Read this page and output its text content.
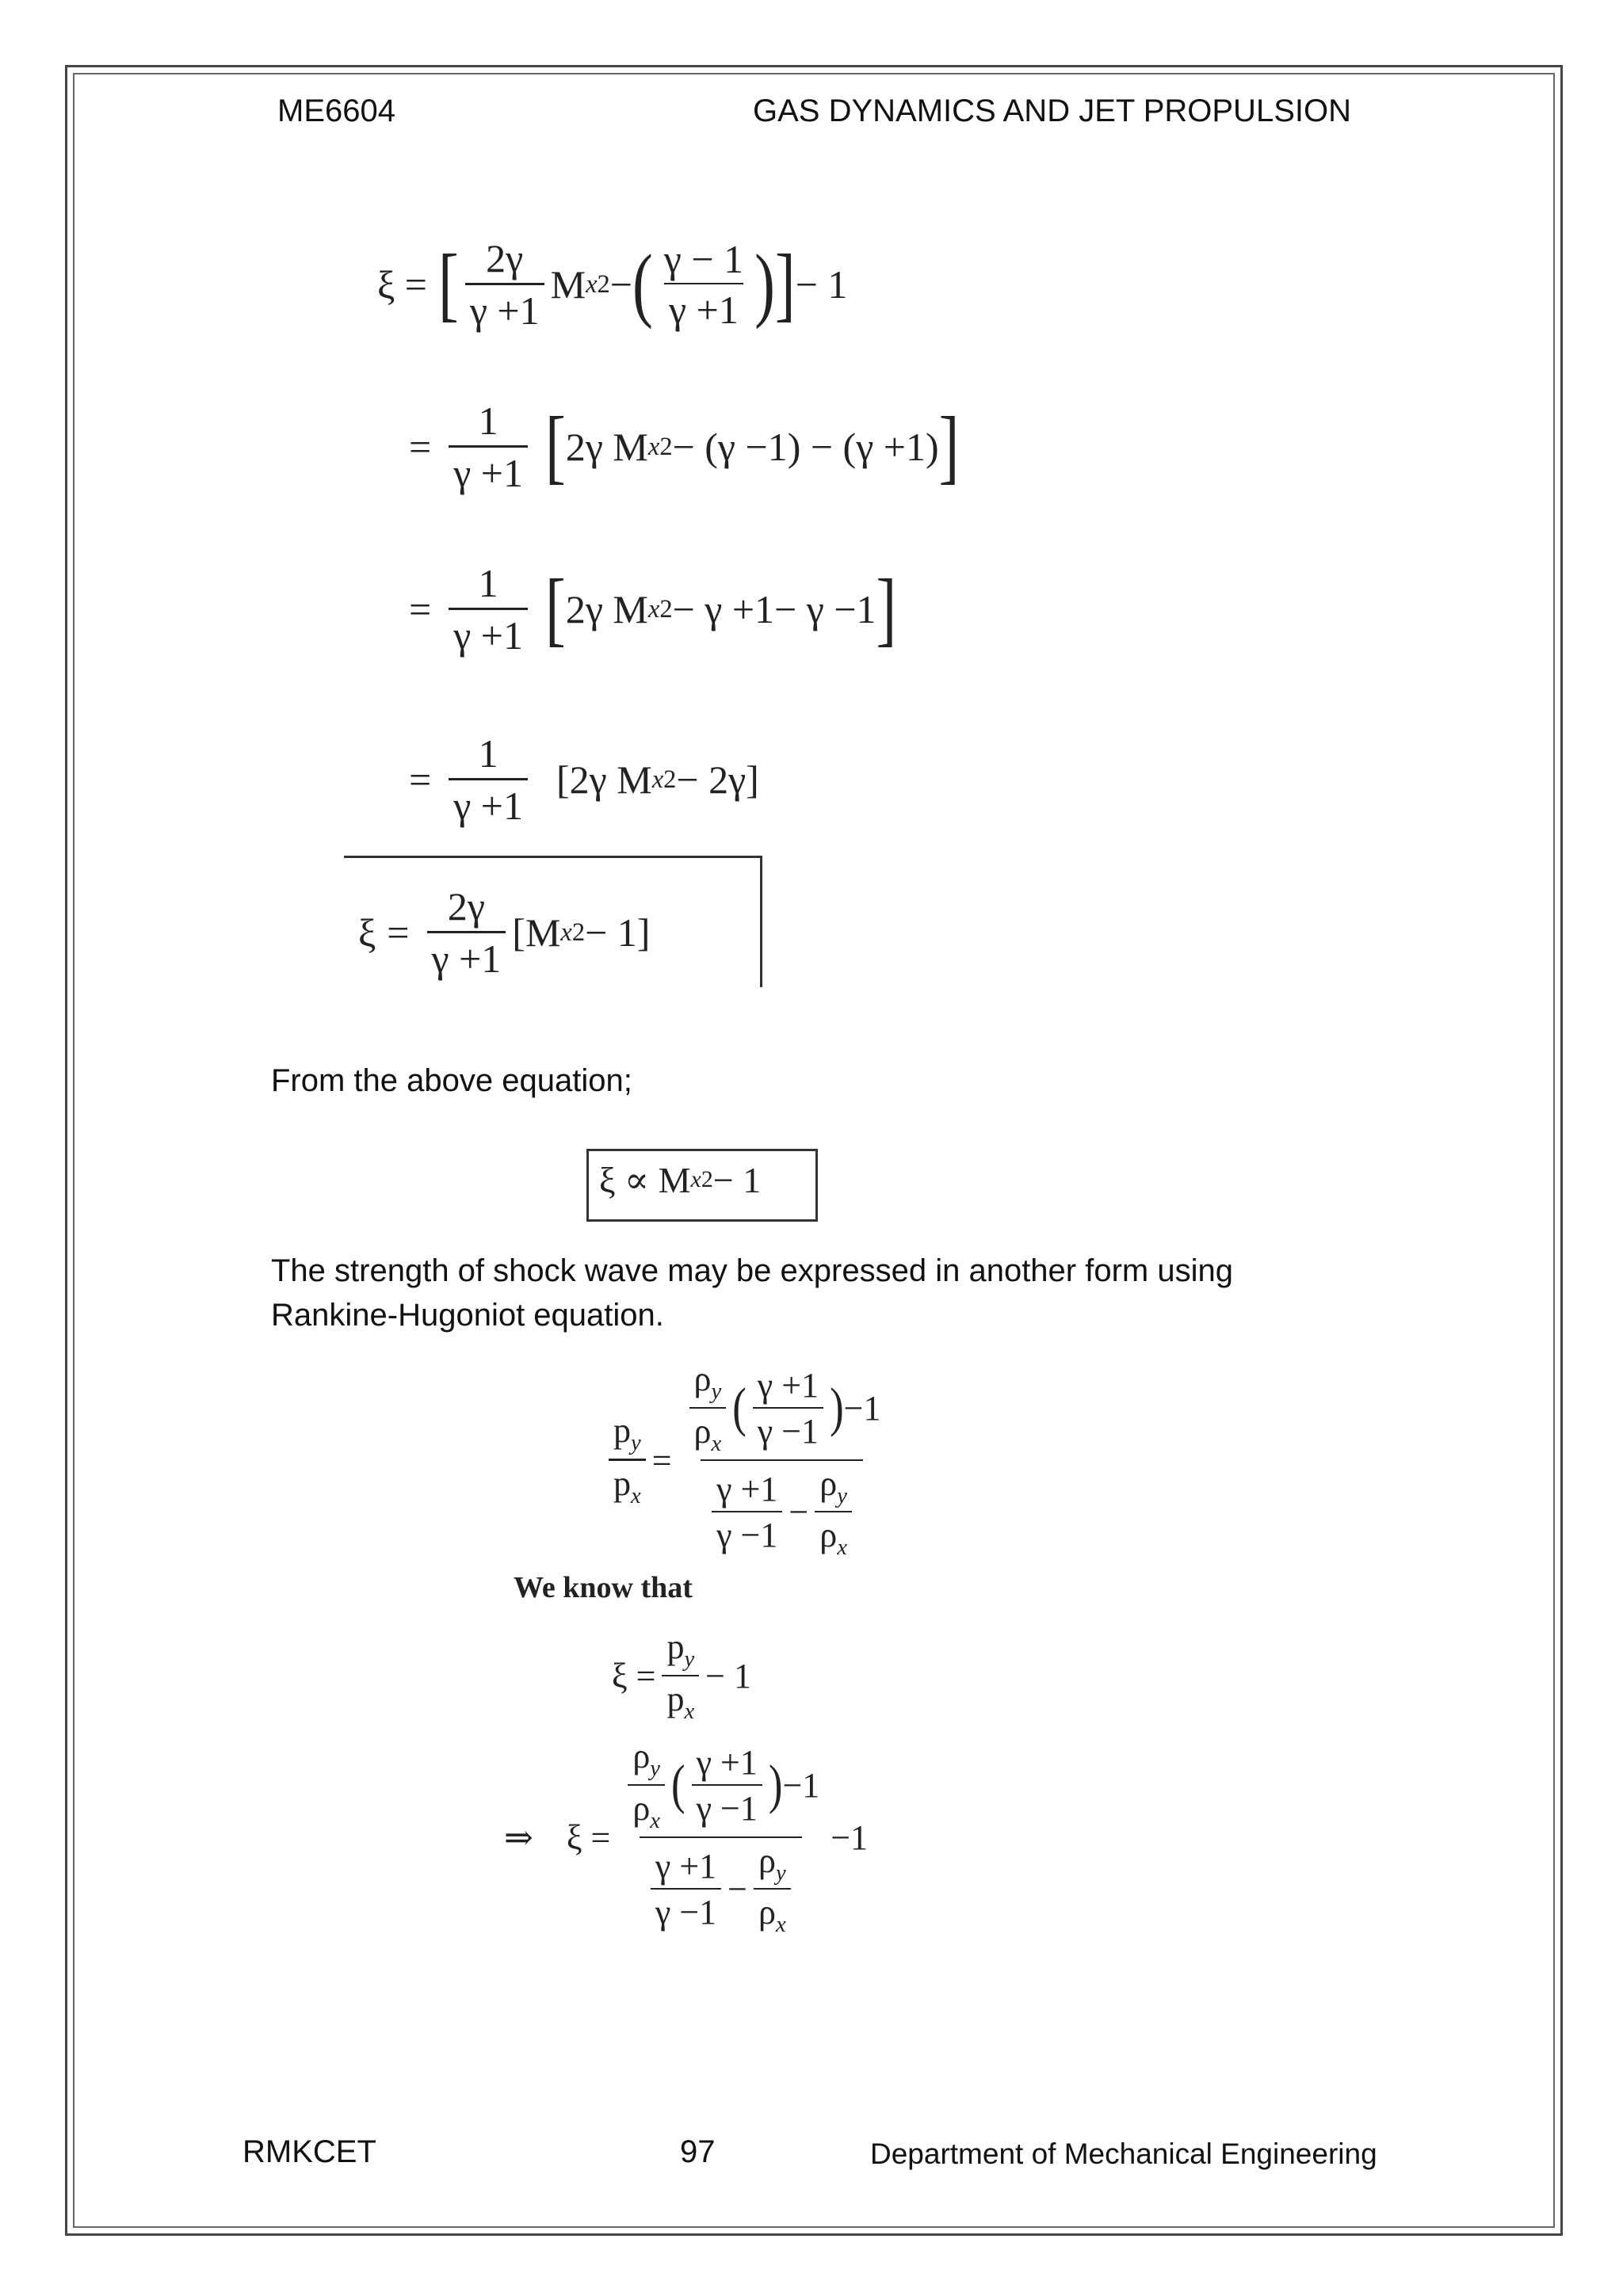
ME6604	GAS DYNAMICS AND JET PROPULSION
ξ = [ $\frac{2\gamma}{\gamma +1}$ M x 2 − ( $\frac{\gamma - 1}{\gamma +1}$ ) ] − 1
= $\frac{1}{\gamma +1}$ [ 2γ M x 2 − (γ −1) − (γ +1) ]
= $\frac{1}{\gamma +1}$ [ 2γ M x 2 − γ +1− γ −1 ]
= $\frac{1}{\gamma +1} [2\gamma$ M x 2 − 2γ]
$\xi = \frac{2\gamma}{\gamma +1} [M$ x 2 − 1]
From the above equation;
ξ ∝ M x 2 − 1
The strength of shock wave may be expressed in another form using
Rankine-Hugoniot equation.
$\frac{p_y}{p_x} = \frac{\frac{\rho_y}{\rho_x} ( \frac{\gamma +1}{\gamma -1} ) -1}{\frac{\gamma +1}{\gamma -1} - \frac{\rho_y}{\rho_x}}$
We know that
$\xi = \frac{p_y}{p_x} - 1$
⇒ $\xi = \frac{\frac{\rho_y}{\rho_x} ( \frac{\gamma +1}{\gamma -1} ) -1}{\frac{\gamma +1}{\gamma -1} - \frac{\rho_y}{\rho_x}} -1$
RMKCET	97	Department of Mechanical Engineering
